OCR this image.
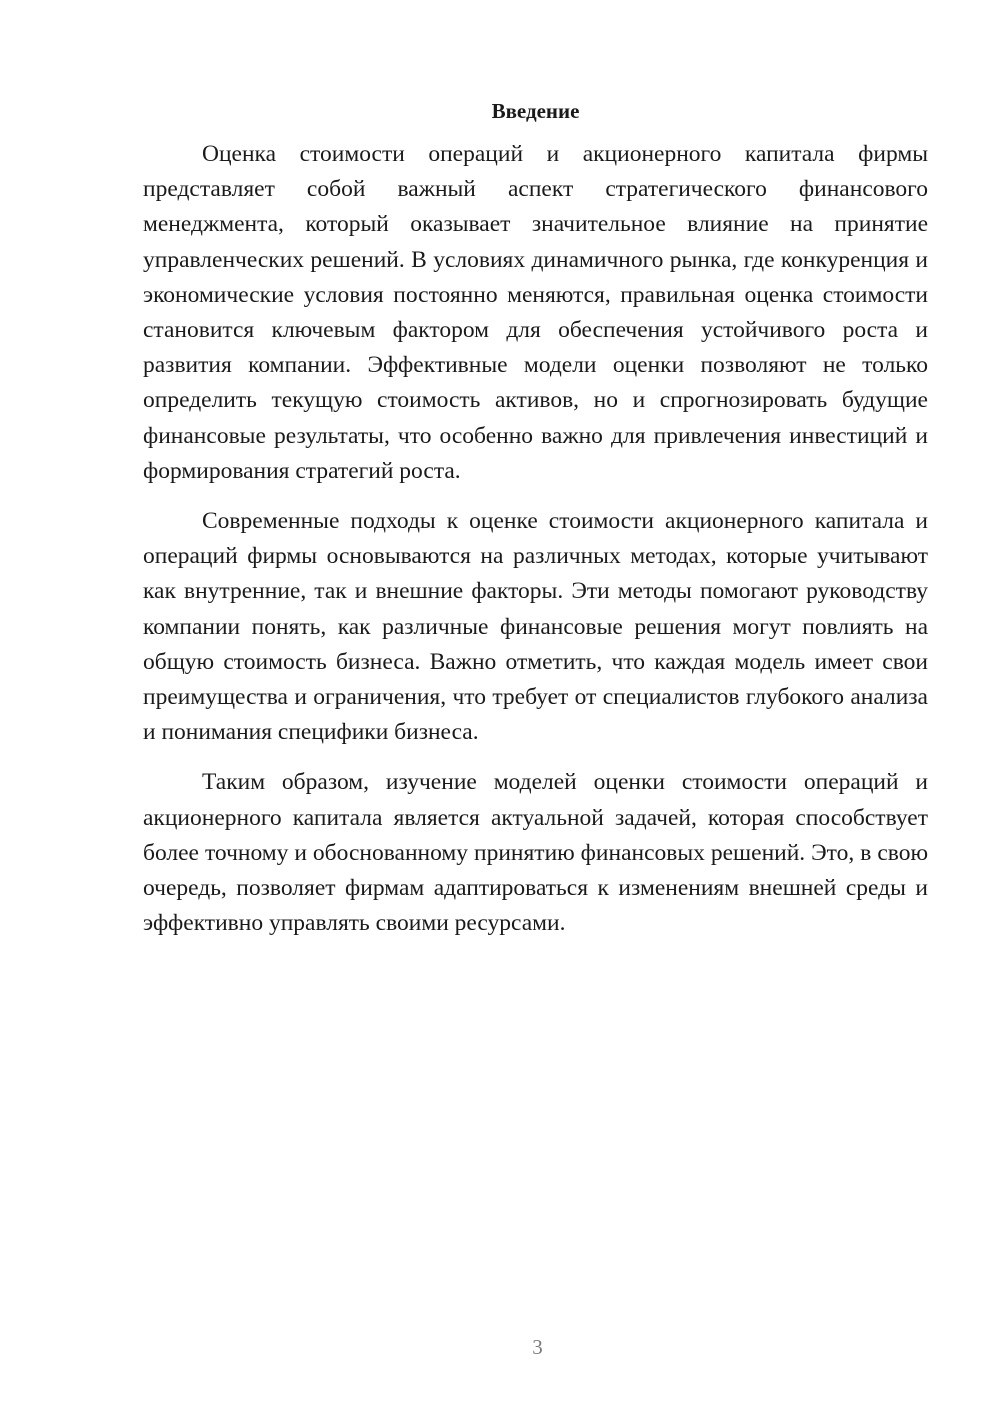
Введение

Оценка стоимости операций и акционерного капитала фирмы представляет собой важный аспект стратегического финансового менеджмента, который оказывает значительное влияние на принятие управленческих решений. В условиях динамичного рынка, где конкуренция и экономические условия постоянно меняются, правильная оценка стоимости становится ключевым фактором для обеспечения устойчивого роста и развития компании. Эффективные модели оценки позволяют не только определить текущую стоимость активов, но и спрогнозировать будущие финансовые результаты, что особенно важно для привлечения инвестиций и формирования стратегий роста.

Современные подходы к оценке стоимости акционерного капитала и операций фирмы основываются на различных методах, которые учитывают как внутренние, так и внешние факторы. Эти методы помогают руководству компании понять, как различные финансовые решения могут повлиять на общую стоимость бизнеса. Важно отметить, что каждая модель имеет свои преимущества и ограничения, что требует от специалистов глубокого анализа и понимания специфики бизнеса.

Таким образом, изучение моделей оценки стоимости операций и акционерного капитала является актуальной задачей, которая способствует более точному и обоснованному принятию финансовых решений. Это, в свою очередь, позволяет фирмам адаптироваться к изменениям внешней среды и эффективно управлять своими ресурсами.

3
